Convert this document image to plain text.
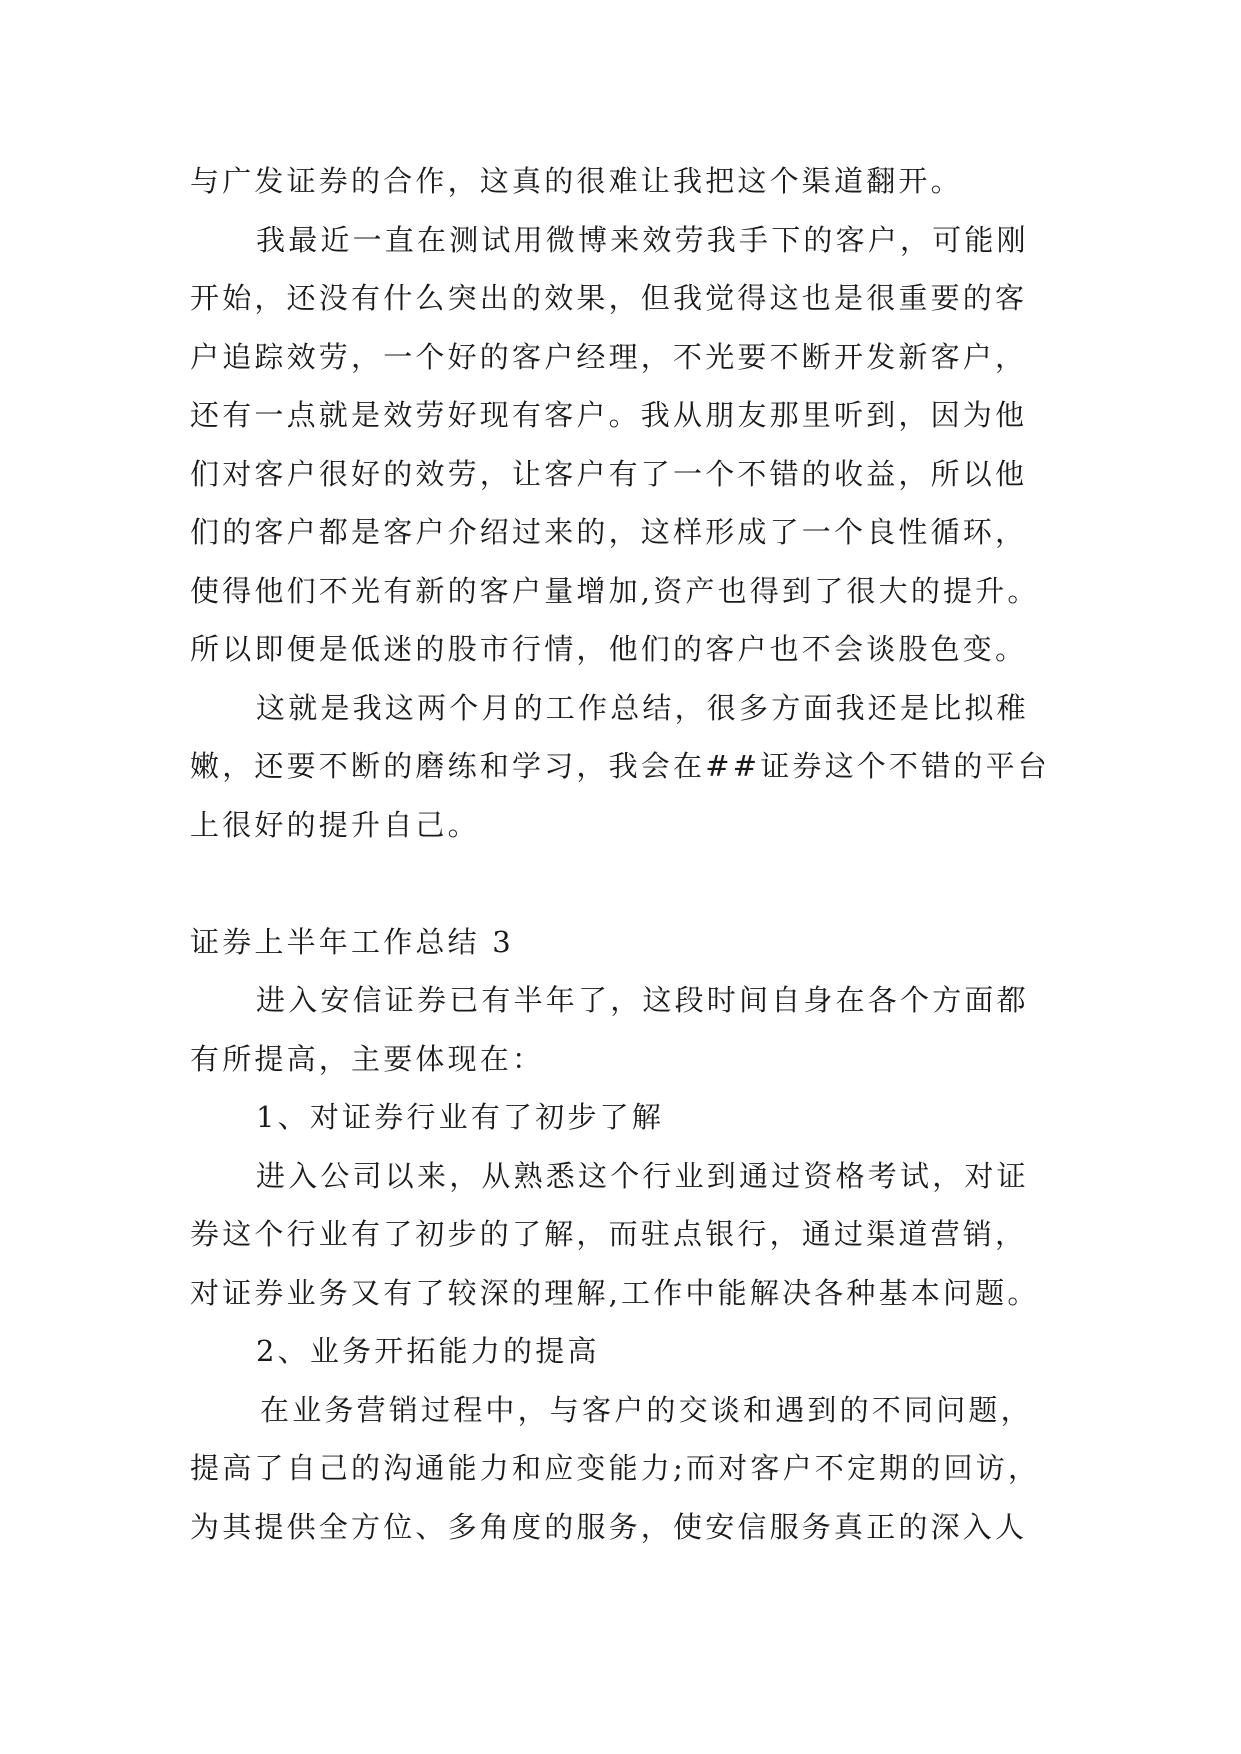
与广发证券的合作，这真的很难让我把这个渠道翻开。
我最近一直在测试用微博来效劳我手下的客户，可能刚
开始，还没有什么突出的效果，但我觉得这也是很重要的客
户追踪效劳，一个好的客户经理，不光要不断开发新客户，
还有一点就是效劳好现有客户。我从朋友那里听到，因为他
们对客户很好的效劳，让客户有了一个不错的收益，所以他
们的客户都是客户介绍过来的，这样形成了一个良性循环，
使得他们不光有新的客户量增加,资产也得到了很大的提升。
所以即便是低迷的股市行情，他们的客户也不会谈股色变。
这就是我这两个月的工作总结，很多方面我还是比拟稚
嫩，还要不断的磨练和学习，我会在##证券这个不错的平台
上很好的提升自己。
证券上半年工作总结 3
进入安信证券已有半年了，这段时间自身在各个方面都
有所提高，主要体现在：
1、对证券行业有了初步了解
进入公司以来，从熟悉这个行业到通过资格考试，对证
券这个行业有了初步的了解，而驻点银行，通过渠道营销，
对证券业务又有了较深的理解,工作中能解决各种基本问题。
2、业务开拓能力的提高
在业务营销过程中，与客户的交谈和遇到的不同问题，
提高了自己的沟通能力和应变能力;而对客户不定期的回访，
为其提供全方位、多角度的服务，使安信服务真正的深入人
